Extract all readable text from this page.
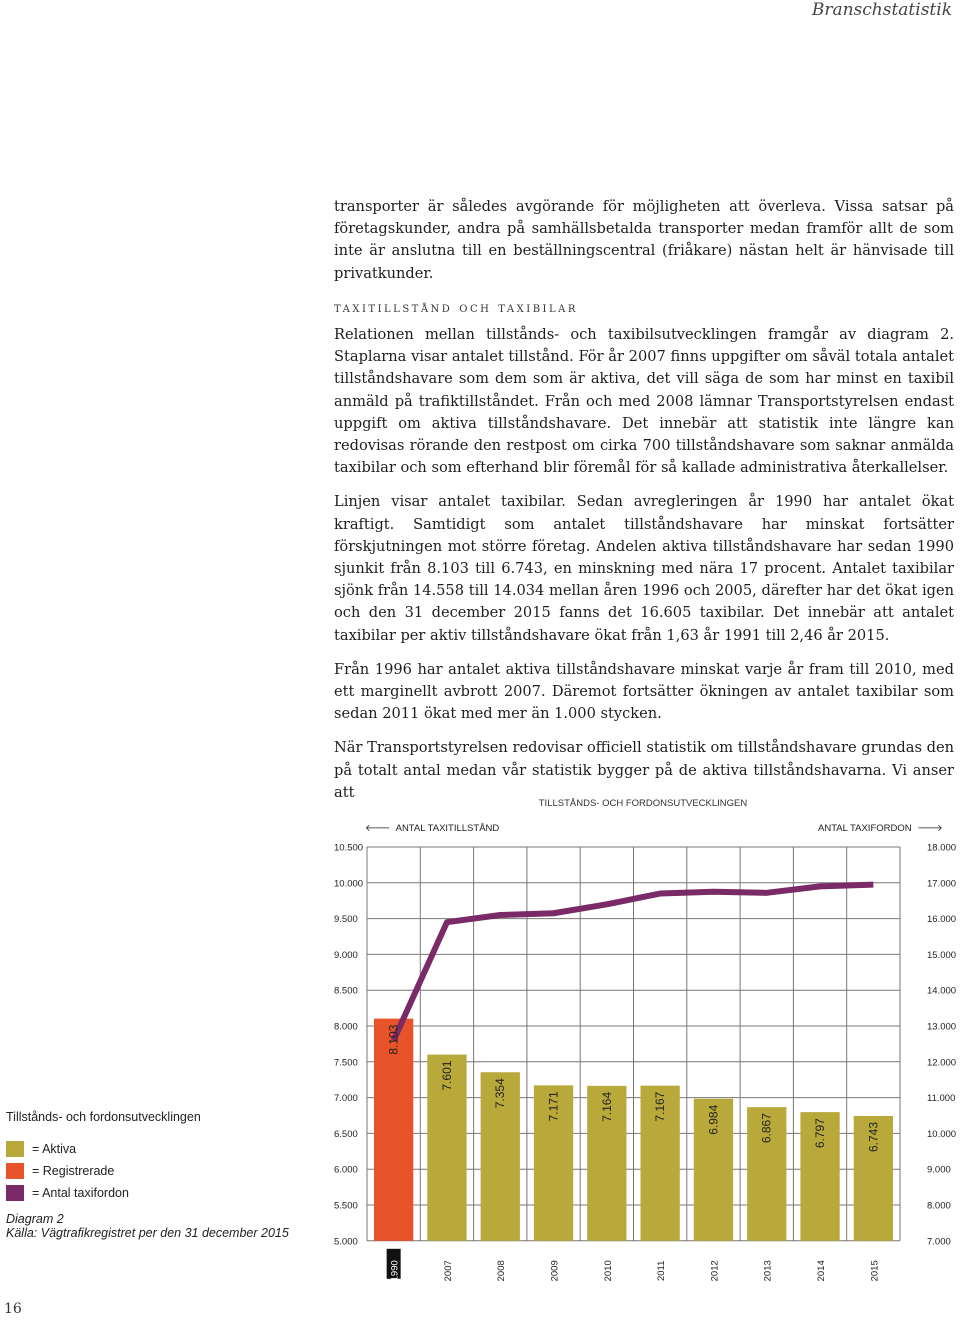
Branschstatistik

transporter är således avgörande för möjligheten att överleva. Vissa satsar på företagskunder, andra på samhällsbetalda transporter medan framför allt de som inte är anslutna till en beställningscentral (friåkare) nästan helt är hänvisade till privatkunder.

taxitillstånd och taxibilar

Relationen mellan tillstånds- och taxibilsutvecklingen framgår av diagram 2. Staplarna visar antalet tillstånd. För år 2007 finns uppgifter om såväl totala antalet tillståndshavare som dem som är aktiva, det vill säga de som har minst en taxibil anmäld på trafiktillståndet. Från och med 2008 lämnar Transportstyrelsen endast uppgift om aktiva tillståndshavare. Det innebär att statistik inte längre kan redovisas rörande den restpost om cirka 700 tillståndshavare som saknar anmälda taxibilar och som efterhand blir föremål för så kallade administrativa återkallelser.

Linjen visar antalet taxibilar. Sedan avregleringen år 1990 har antalet ökat kraftigt. Samtidigt som antalet tillståndshavare har minskat fortsätter förskjutningen mot större företag. Andelen aktiva tillståndshavare har sedan 1990 sjunkit från 8.103 till 6.743, en minskning med nära 17 procent. Antalet taxibilar sjönk från 14.558 till 14.034 mellan åren 1996 och 2005, därefter har det ökat igen och den 31 december 2015 fanns det 16.605 taxibilar. Det innebär att antalet taxibilar per aktiv tillståndshavare ökat från 1,63 år 1991 till 2,46 år 2015.

Från 1996 har antalet aktiva tillståndshavare minskat varje år fram till 2010, med ett marginellt avbrott 2007. Däremot fortsätter ökningen av antalet taxibilar som sedan 2011 ökat med mer än 1.000 stycken.

När Transportstyrelsen redovisar officiell statistik om tillståndshavare grundas den på totalt antal medan vår statistik bygger på de aktiva tillståndshavarna. Vi anser att

TILLSTÅNDS- OCH FORDONSUTVECKLINGEN
🡐 ANTAL TAXITILLSTÅND	ANTAL TAXIFORDON 🡒
10.500
10.000
9.500
9.000
8.500
8.000
7.500
7.000
6.500
6.000
5.500
5.000
18.000
17.000
16.000
15.000
14.000
13.000
12.000
11.000
10.000
9.000
8.000
7.000
8.103
7.601
7.354	7.171	7.164	7.167	6.984	6.867	6.797	6.743
1990	2007	2008	2009	2010	2011	2012	2013	2014	2015
Tillstånds- och fordonsutvecklingen
= Aktiva
= Registrerade
= Antal taxifordon
Diagram 2
Källa: Vägtrafikregistret per den 31 december 2015
16
